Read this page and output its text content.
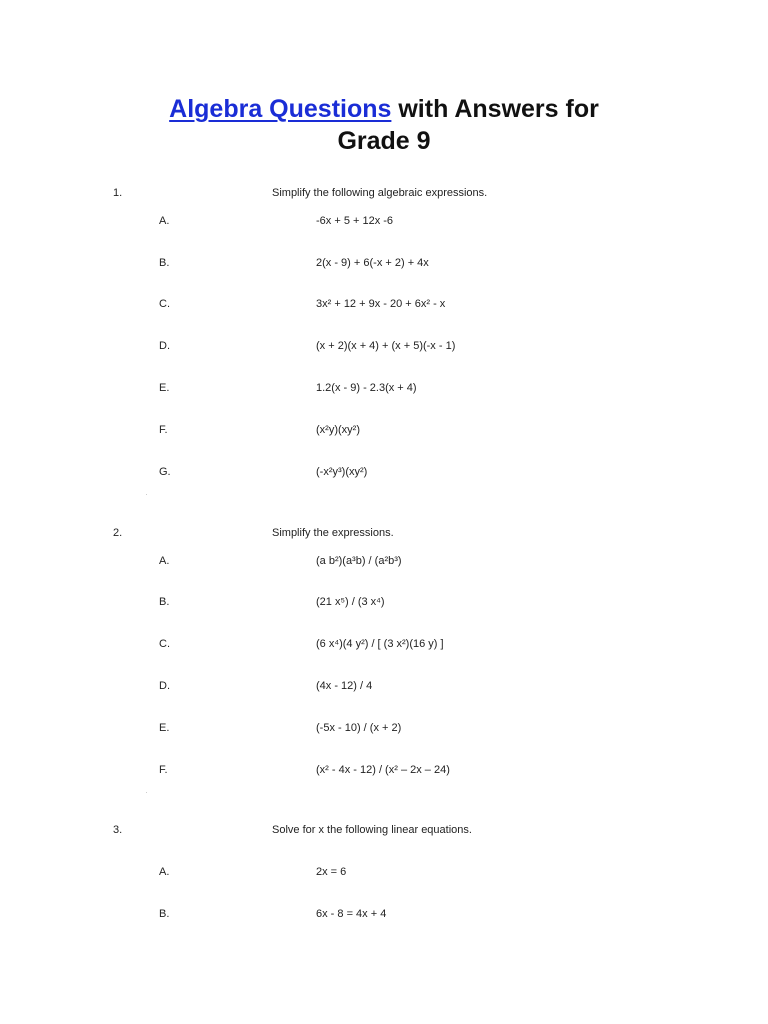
Algebra Questions with Answers for
Grade 9
1.	Simplify the following algebraic expressions.
A.	-6x + 5 + 12x -6
B.	2(x - 9) + 6(-x + 2) + 4x
C.	3x² + 12 + 9x - 20 + 6x² - x
D.	(x + 2)(x + 4) + (x + 5)(-x - 1)
E.	1.2(x - 9) - 2.3(x + 4)
F.	(x²y)(xy²)
G.	(-x²y³)(xy²)
2.	Simplify the expressions.
A.	(a b²)(a³b) / (a²b³)
B.	(21 x⁵) / (3 x⁴)
C.	(6 x⁴)(4 y²) / [ (3 x²)(16 y) ]
D.	(4x - 12) / 4
E.	(-5x - 10) / (x + 2)
F.	(x² - 4x - 12) / (x² – 2x – 24)
3.	Solve for x the following linear equations.
A.	2x = 6
B.	6x - 8 = 4x + 4
